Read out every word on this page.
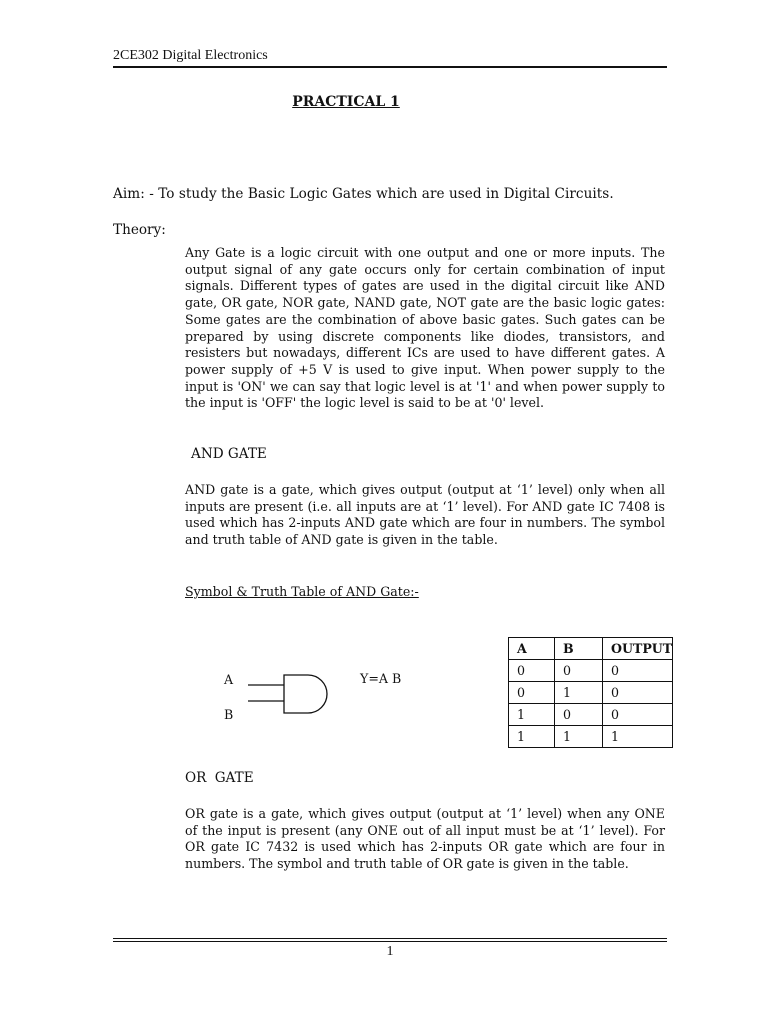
2CE302 Digital Electronics
PRACTICAL 1
Aim: - To study the Basic Logic Gates which are used in Digital Circuits.
Theory:
Any Gate is a logic circuit with one output and one or more inputs. The output signal of any gate occurs only for certain combination of input signals. Different types of gates are used in the digital circuit like AND gate, OR gate, NOR gate, NAND gate, NOT gate are the basic logic gates: Some gates are the combination of above basic gates. Such gates can be prepared by using discrete components like diodes, transistors, and resisters but nowadays, different ICs are used to have different gates. A power supply of +5 V is used to give input. When power supply to the input is 'ON' we can say that logic level is at '1' and when power supply to the input is 'OFF' the logic level is said to be at '0' level.
AND GATE
AND gate is a gate, which gives output (output at ‘1’ level) only when all inputs are present (i.e. all inputs are at ‘1’ level). For AND gate IC 7408 is used which has 2-inputs AND gate which are four in numbers. The symbol and truth table of AND gate is given in the table.
Symbol & Truth Table of AND Gate:-
A
B
Y=A B
A	B	OUTPUT
0	0	0
0	1	0
1	0	0
1	1	1
OR GATE
OR gate is a gate, which gives output (output at ‘1’ level) when any ONE of the input is present (any ONE out of all input must be at ‘1’ level). For OR gate IC 7432 is used which has 2-inputs OR gate which are four in numbers. The symbol and truth table of OR gate is given in the table.
1
